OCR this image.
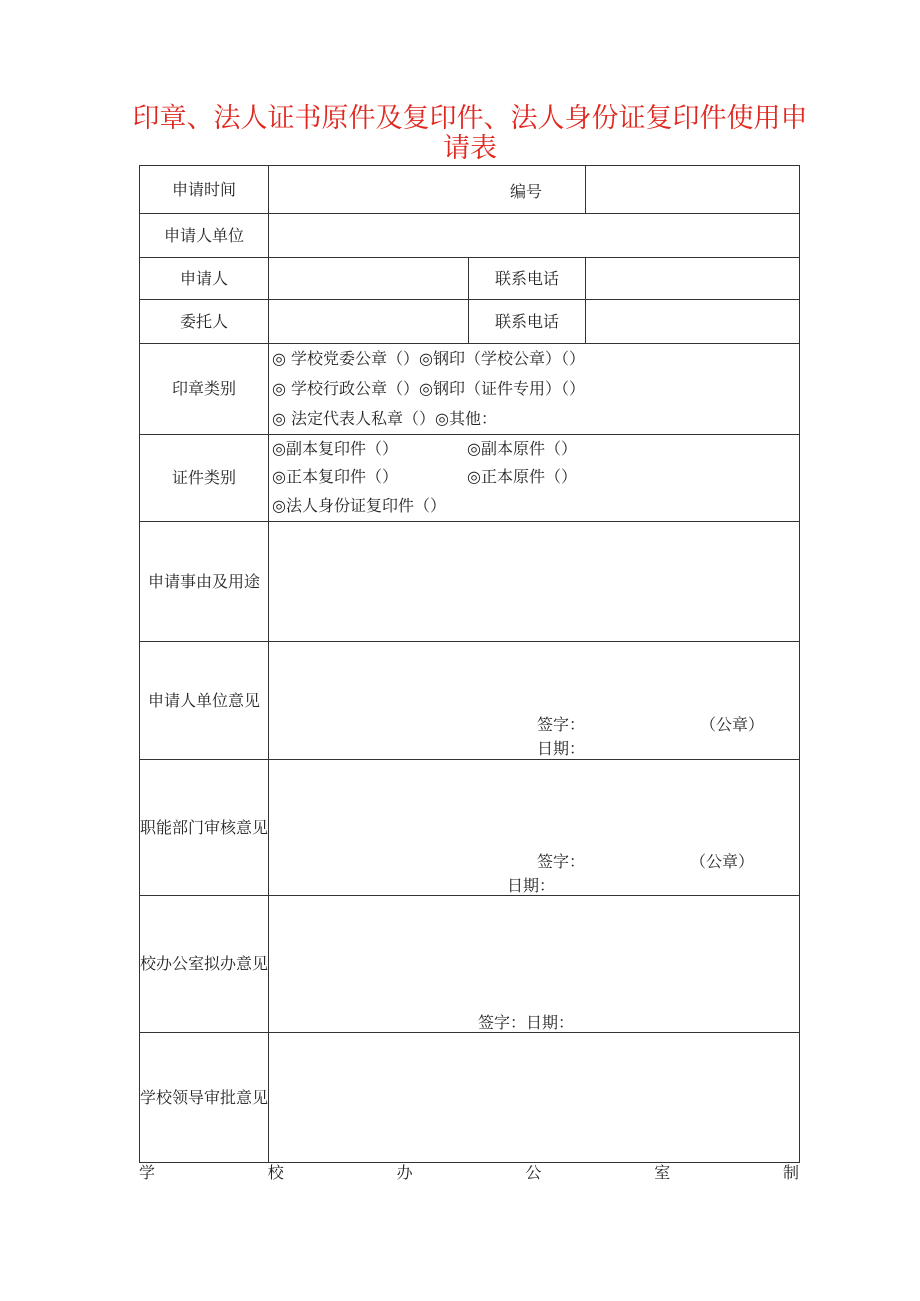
印章、法人证书原件及复印件、法人身份证复印件使用申请表
申请时间	编号		

申请人单位			
申请人		联系电话	
委托人		联系电话	
印章类别	◎ 学校党委公章（）◎钢印（学校公章）（）
◎ 学校行政公章（）◎钢印（证件专用）（）
◎ 法定代表人私章（）◎其他：		

证件类别	◎副本复印件（） ◎副本原件（）
◎正本复印件（） ◎正本原件（）
◎法人身份证复印件（）		

申请事由及用途			
申请人单位意见	签字： （公章）
日期：		

职能部门审核意见	签字： （公章）
日期：		

校办公室拟办意见	签字：日期：		

学校领导审批意见			
学	校	办	公	室	制
